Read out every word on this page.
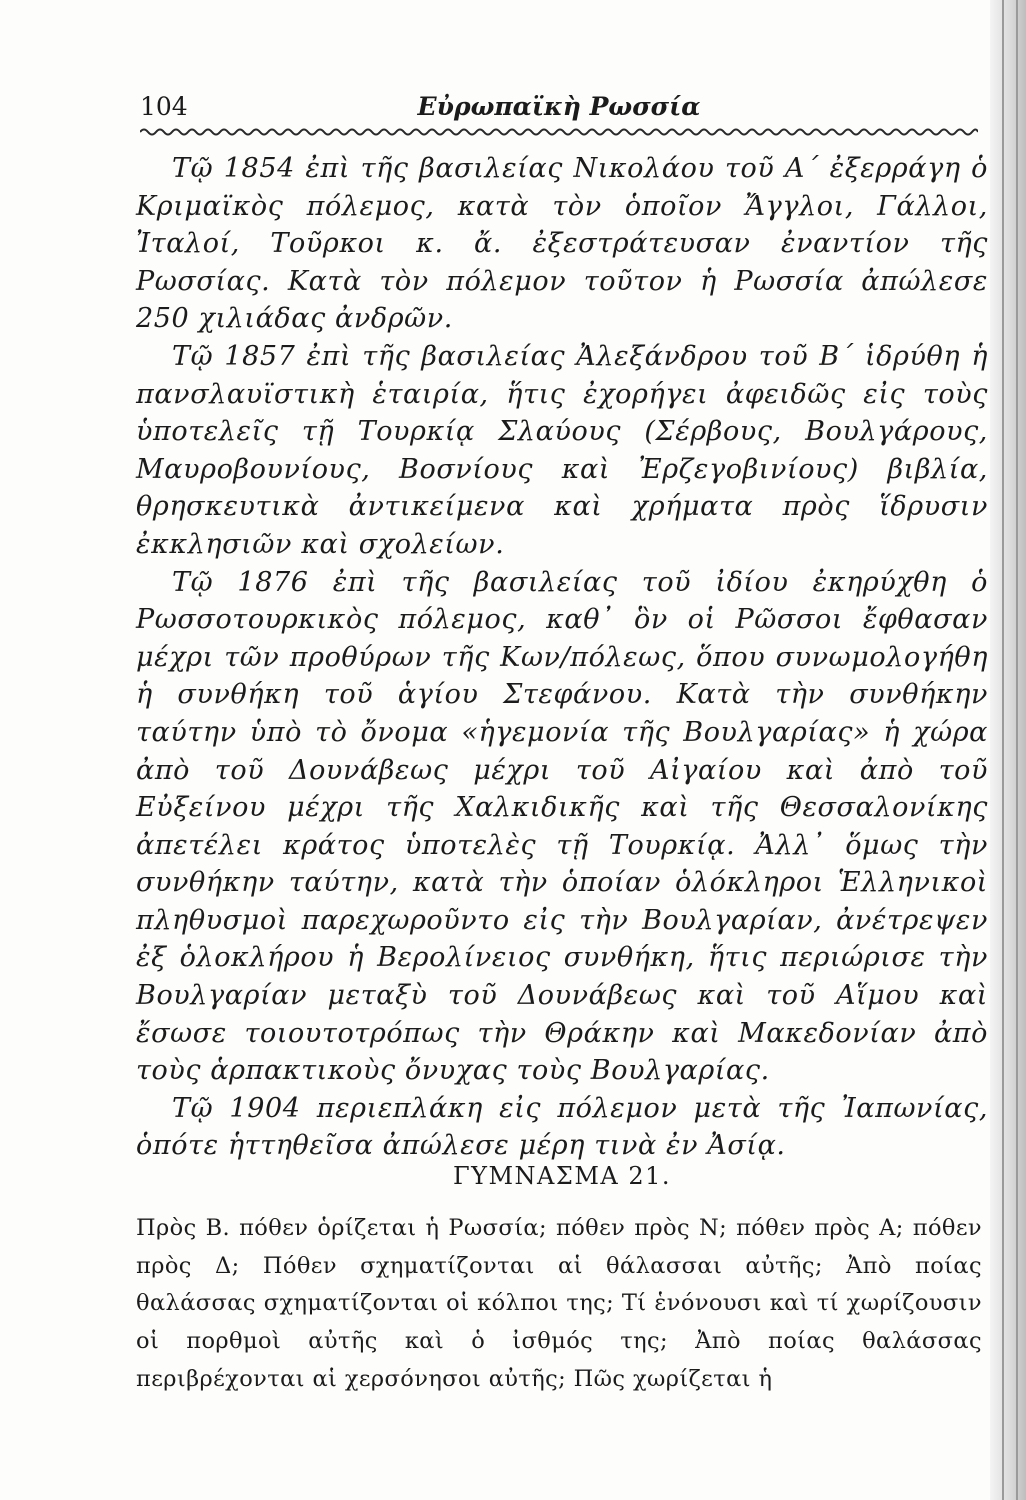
104	Εὐρωπαϊκὴ Ρωσσία

Τῷ 1854 ἐπὶ τῆς βασιλείας Νικολάου τοῦ Α΄ ἐξερράγη ὁ Κριμαϊκὸς πόλεμος, κατὰ τὸν ὁποῖον Ἄγγλοι, Γάλλοι, Ἰταλοί, Τοῦρκοι κ. ἄ. ἐξεστράτευσαν ἐναντίον τῆς Ρωσσίας. Κατὰ τὸν πόλεμον τοῦτον ἡ Ρωσσία ἀπώλεσε 250 χιλιάδας ἀνδρῶν.

Τῷ 1857 ἐπὶ τῆς βασιλείας Ἀλεξάνδρου τοῦ Β΄ ἱδρύθη ἡ πανσλαυϊστικὴ ἑταιρία, ἥτις ἐχορήγει ἀφειδῶς εἰς τοὺς ὑποτελεῖς τῇ Τουρκίᾳ Σλαύους (Σέρβους, Βουλγάρους, Μαυροβουνίους, Βοσνίους καὶ Ἐρζεγοβινίους) βιβλία, θρησκευτικὰ ἀντικείμενα καὶ χρήματα πρὸς ἵδρυσιν ἐκκλησιῶν καὶ σχολείων.

Τῷ 1876 ἐπὶ τῆς βασιλείας τοῦ ἰδίου ἐκηρύχθη ὁ Ρωσσοτουρκικὸς πόλεμος, καθ᾽ ὃν οἱ Ρῶσσοι ἔφθασαν μέχρι τῶν προθύρων τῆς Κων/πόλεως, ὅπου συνωμολογήθη ἡ συνθήκη τοῦ ἁγίου Στεφάνου. Κατὰ τὴν συνθήκην ταύτην ὑπὸ τὸ ὄνομα «ἡγεμονία τῆς Βουλγαρίας» ἡ χώρα ἀπὸ τοῦ Δουνάβεως μέχρι τοῦ Αἰγαίου καὶ ἀπὸ τοῦ Εὐξείνου μέχρι τῆς Χαλκιδικῆς καὶ τῆς Θεσσαλονίκης ἀπετέλει κράτος ὑποτελὲς τῇ Τουρκίᾳ. Ἀλλ᾽ ὅμως τὴν συνθήκην ταύτην, κατὰ τὴν ὁποίαν ὁλόκληροι Ἑλληνικοὶ πληθυσμοὶ παρεχωροῦντο εἰς τὴν Βουλγαρίαν, ἀνέτρεψεν ἐξ ὁλοκλήρου ἡ Βερολίνειος συνθήκη, ἥτις περιώρισε τὴν Βουλγαρίαν μεταξὺ τοῦ Δουνάβεως καὶ τοῦ Αἵμου καὶ ἔσωσε τοιουτοτρόπως τὴν Θράκην καὶ Μακεδονίαν ἀπὸ τοὺς ἁρπακτικοὺς ὄνυχας τοὺς Βουλγαρίας.

Τῷ 1904 περιεπλάκη εἰς πόλεμον μετὰ τῆς Ἰαπωνίας, ὁπότε ἡττηθεῖσα ἀπώλεσε μέρη τινὰ ἐν Ἀσίᾳ.

ΓΥΜΝΑΣΜΑ 21.

Πρὸς Β. πόθεν ὁρίζεται ἡ Ρωσσία; πόθεν πρὸς Ν; πόθεν πρὸς Α; πόθεν πρὸς Δ; Πόθεν σχηματίζονται αἱ θάλασσαι αὐτῆς; Ἀπὸ ποίας θαλάσσας σχηματίζονται οἱ κόλποι της; Τί ἑνόνουσι καὶ τί χωρίζουσιν οἱ πορθμοὶ αὐτῆς καὶ ὁ ἰσθμός της; Ἀπὸ ποίας θαλάσσας περιβρέχονται αἱ χερσόνησοι αὐτῆς; Πῶς χωρίζεται ἡ
